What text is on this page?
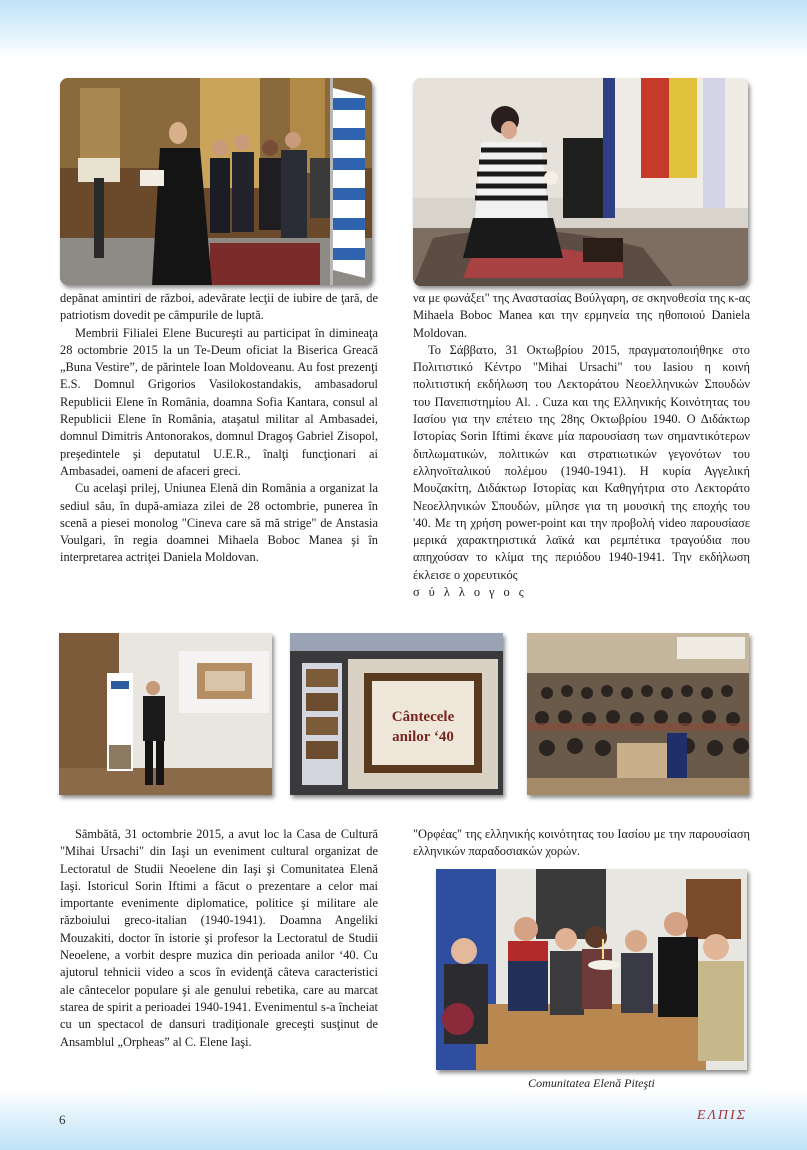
depănat amintiri de război, adevărate lecţii de iubire de ţară, de patriotism dovedit pe câmpurile de luptă.

Membrii Filialei Elene Bucureşti au participat în dimineaţa 28 octombrie 2015 la un Te-Deum oficiat la Biserica Greacă „Buna Vestire”, de părintele Ioan Moldoveanu. Au fost prezenţi E.S. Domnul Grigorios Vasilokostandakis, ambasadorul Republicii Elene în România, doamna Sofia Kantara, consul al Republicii Elene în România, ataşatul militar al Ambasadei, domnul Dimitris Antonorakos, domnul Dragoş Gabriel Zisopol, preşedintele şi deputatul U.E.R., înalţi funcţionari ai Ambasadei, oameni de afaceri greci.

Cu acelaşi prilej, Uniunea Elenă din România a organizat la sediul său, în după-amiaza zilei de 28 octombrie, punerea în scenă a piesei monolog "Cineva care să mă strige" de Anstasia Voulgari, în regia doamnei Mihaela Boboc Manea şi în interpretarea actriţei Daniela Moldovan.

να με φωνάξει" της Αναστασίας Βούλγαρη, σε σκηνοθεσία της κ-ας Mihaela Boboc Manea και την ερμηνεία της ηθοποιού Daniela Moldovan.

Το Σάββατο, 31 Οκτωβρίου 2015, πραγματοποιήθηκε στο Πολιτιστικό Κέντρο "Mihai Ursachi" του Iasiου η κοινή πολιτιστική εκδήλωση του Λεκτοράτου Νεοελληνικών Σπουδών του Πανεπιστημίου Al. . Cuza και της Ελληνικής Κοινότητας του Ιασίου για την επέτειο της 28ης Οκτωβρίου 1940. Ο Διδάκτωρ Ιστορίας Sorin Iftimi έκανε μία παρουσίαση των σημαντικότερων διπλωματικών, πολιτικών και στρατιωτικών γεγονότων του ελληνοϊταλικού πολέμου (1940-1941). Η κυρία Αγγελική Μουζακίτη, Διδάκτωρ Ιστορίας και Καθηγήτρια στο Λεκτοράτο Νεοελληνικών Σπουδών, μίλησε για τη μουσική της εποχής του '40. Με τη χρήση power-point και την προβολή video παρουσίασε μερικά χαρακτηριστικά λαϊκά και ρεμπέτικα τραγούδια που απηχούσαν το κλίμα της περιόδου 1940-1941. Την εκδήλωση έκλεισε ο χορευτικός

σύλλογος

Cântecele
anilor ‘40

Sâmbătă, 31 octombrie 2015, a avut loc la Casa de Cultură "Mihai Ursachi" din Iaşi un eveniment cultural organizat de Lectoratul de Studii Neoelene din Iaşi şi Comunitatea Elenă Iaşi. Istoricul Sorin Iftimi a făcut o prezentare a celor mai importante evenimente diplomatice, politice şi militare ale războiului greco-italian (1940-1941). Doamna Angeliki Mouzakiti, doctor în istorie şi profesor la Lectoratul de Studii Neoelene, a vorbit despre muzica din perioada anilor ‘40. Cu ajutorul tehnicii video a scos în evidenţă câteva caracteristici ale cântecelor populare şi ale genului rebetika, care au marcat starea de spirit a perioadei 1940-1941. Evenimentul s-a încheiat cu un spectacol de dansuri tradiţionale greceşti susţinut de Ansamblul „Orpheas” al C. Elene Iaşi.

"Ορφέας" της ελληνικής κοινότητας του Ιασίου με την παρουσίαση ελληνικών παραδοσιακών χορών.

Comunitatea Elenă Piteşti
6	ΕΛΠΙΣ
